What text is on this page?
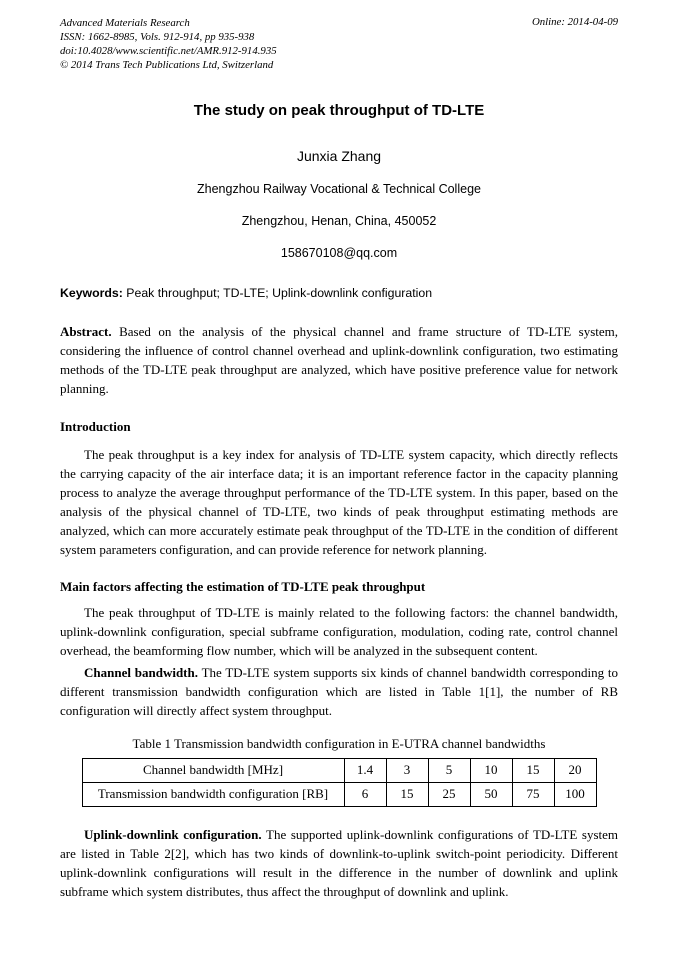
Advanced Materials Research
ISSN: 1662-8985, Vols. 912-914, pp 935-938
doi:10.4028/www.scientific.net/AMR.912-914.935
© 2014 Trans Tech Publications Ltd, Switzerland
Online: 2014-04-09
The study on peak throughput of TD-LTE
Junxia Zhang
Zhengzhou Railway Vocational & Technical College
Zhengzhou, Henan, China, 450052
158670108@qq.com
Keywords: Peak throughput; TD-LTE; Uplink-downlink configuration
Abstract. Based on the analysis of the physical channel and frame structure of TD-LTE system, considering the influence of control channel overhead and uplink-downlink configuration, two estimating methods of the TD-LTE peak throughput are analyzed, which have positive preference value for network planning.
Introduction
The peak throughput is a key index for analysis of TD-LTE system capacity, which directly reflects the carrying capacity of the air interface data; it is an important reference factor in the capacity planning process to analyze the average throughput performance of the TD-LTE system. In this paper, based on the analysis of the physical channel of TD-LTE, two kinds of peak throughput estimating methods are analyzed, which can more accurately estimate peak throughput of the TD-LTE in the condition of different system parameters configuration, and can provide reference for network planning.
Main factors affecting the estimation of TD-LTE peak throughput
The peak throughput of TD-LTE is mainly related to the following factors: the channel bandwidth, uplink-downlink configuration, special subframe configuration, modulation, coding rate, control channel overhead, the beamforming flow number, which will be analyzed in the subsequent content.
Channel bandwidth. The TD-LTE system supports six kinds of channel bandwidth corresponding to different transmission bandwidth configuration which are listed in Table 1[1], the number of RB configuration will directly affect system throughput.
Table 1 Transmission bandwidth configuration in E-UTRA channel bandwidths
Channel bandwidth [MHz]	1.4	3	5	10	15	20
Transmission bandwidth configuration [RB]	6	15	25	50	75	100
Uplink-downlink configuration. The supported uplink-downlink configurations of TD-LTE system are listed in Table 2[2], which has two kinds of downlink-to-uplink switch-point periodicity. Different uplink-downlink configurations will result in the difference in the number of downlink and uplink subframe which system distributes, thus affect the throughput of downlink and uplink.
